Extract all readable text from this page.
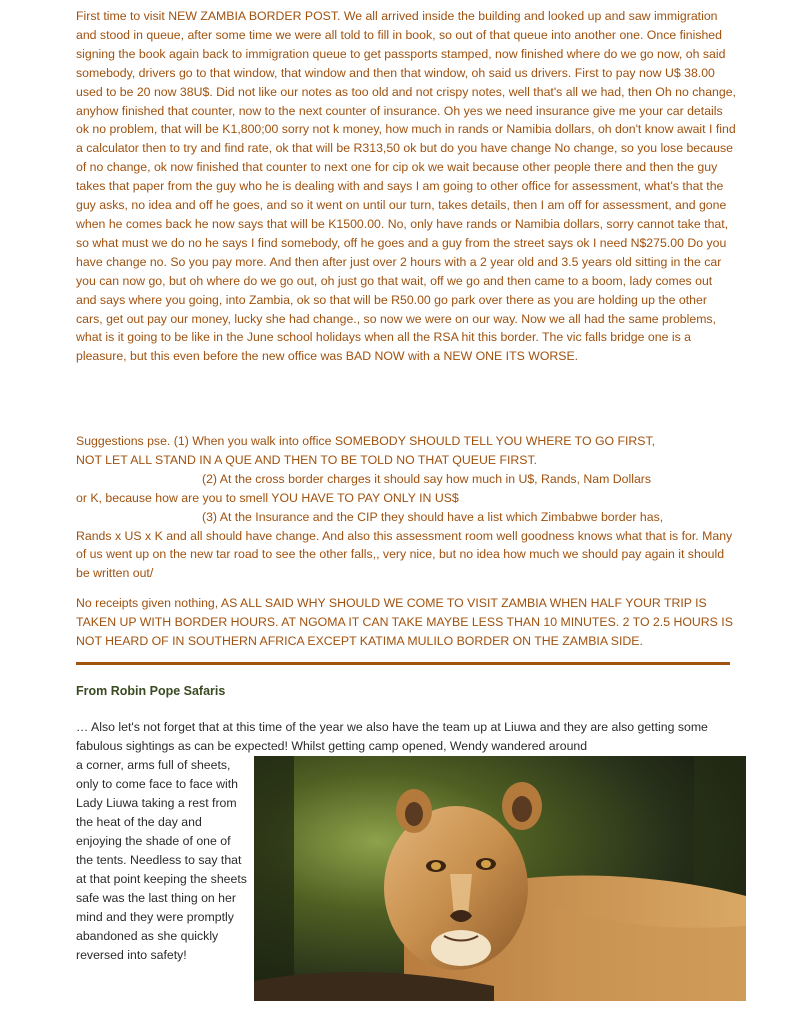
First time to visit NEW ZAMBIA BORDER POST. We all arrived inside the building and looked up and saw immigration and stood in queue, after some time we were all told to fill in book, so out of that queue into another one. Once finished signing the book again back to immigration queue to get passports stamped, now finished where do we go now, oh said somebody, drivers go to that window, that window and then that window, oh said us drivers. First to pay now U$ 38.00 used to be 20 now 38U$. Did not like our notes as too old and not crispy notes, well that's all we had, then Oh no change, anyhow finished that counter, now to the next counter of insurance. Oh yes we need insurance give me your car details ok no problem, that will be K1,800;00 sorry not k money, how much in rands or Namibia dollars, oh don't know await I find a calculator then to try and find rate, ok that will be R313,50 ok but do you have change No change, so you lose because of no change, ok now finished that counter to next one for cip ok we wait because other people there and then the guy takes that paper from the guy who he is dealing with and says I am going to other office for assessment, what's that the guy asks, no idea and off he goes, and so it went on until our turn, takes details, then I am off for assessment, and gone when he comes back he now says that will be K1500.00. No, only have rands or Namibia dollars, sorry cannot take that, so what must we do no he says I find somebody, off he goes and a guy from the street says ok I need N$275.00 Do you have change no. So you pay more. And then after just over 2 hours with a 2 year old and 3.5 years old sitting in the car you can now go, but oh where do we go out, oh just go that wait, off we go and then came to a boom, lady comes out and says where you going, into Zambia, ok so that will be R50.00 go park over there as you are holding up the other cars, get out pay our money, lucky she had change., so now we were on our way. Now we all had the same problems, what is it going to be like in the June school holidays when all the RSA hit this border. The vic falls bridge one is a pleasure, but this even before the new office was BAD NOW with a NEW ONE ITS WORSE.

Suggestions pse. (1) When you walk into office SOMEBODY SHOULD TELL YOU WHERE TO GO FIRST,
NOT LET ALL STAND IN A QUE AND THEN TO BE TOLD NO THAT QUEUE FIRST.
(2) At the cross border charges it should say how much in U$, Rands, Nam Dollars
or K, because how are you to smell YOU HAVE TO PAY ONLY IN US$
(3) At the Insurance and the CIP they should have a list which Zimbabwe border has,
Rands x US x K and all should have change. And also this assessment room well goodness knows what that is for. Many of us went up on the new tar road to see the other falls,, very nice, but no idea how much we should pay again it should be written out/

No receipts given nothing, AS ALL SAID WHY SHOULD WE COME TO VISIT ZAMBIA WHEN HALF YOUR TRIP IS TAKEN UP WITH BORDER HOURS. AT NGOMA IT CAN TAKE MAYBE LESS THAN 10 MINUTES. 2 TO 2.5 HOURS IS NOT HEARD OF IN SOUTHERN AFRICA EXCEPT KATIMA MULILO BORDER ON THE ZAMBIA SIDE.

From Robin Pope Safaris

… Also let's not forget that at this time of the year we also have the team up at Liuwa and they are also getting some fabulous sightings as can be expected! Whilst getting camp opened, Wendy wandered around

a corner, arms full of sheets, only to come face to face with Lady Liuwa taking a rest from the heat of the day and enjoying the shade of one of the tents. Needless to say that at that point keeping the sheets safe was the last thing on her mind and they were promptly abandoned as she quickly reversed into safety!
